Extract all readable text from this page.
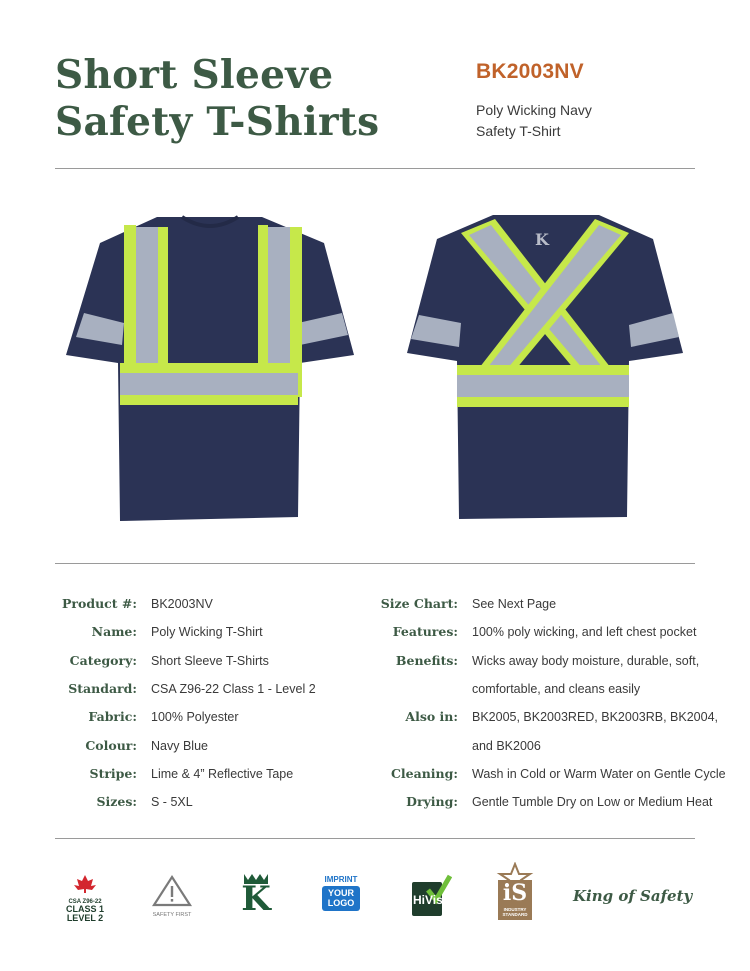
Short Sleeve
Safety T-Shirts
BK2003NV
Poly Wicking Navy
Safety T-Shirt
K
Product #: BK2003NV
Name: Poly Wicking T-Shirt
Category: Short Sleeve T-Shirts
Standard: CSA Z96-22 Class 1 - Level 2
Fabric: 100% Polyester
Colour: Navy Blue
Stripe: Lime & 4” Reflective Tape
Sizes: S - 5XL
Size Chart: See Next Page
Features: 100% poly wicking, and left chest pocket
Benefits: Wicks away body moisture, durable, soft,
comfortable, and cleans easily
Also in: BK2005, BK2003RED, BK2003RB, BK2004,
and BK2006
Cleaning: Wash in Cold or Warm Water on Gentle Cycle
Drying: Gentle Tumble Dry on Low or Medium Heat
CSA Z96-22
CLASS 1
LEVEL 2	SAFETY FIRST K	IMPRINT
YOUR
LOGO	HiVis	iS
INDUSTRY STANDARD
King of Safety
